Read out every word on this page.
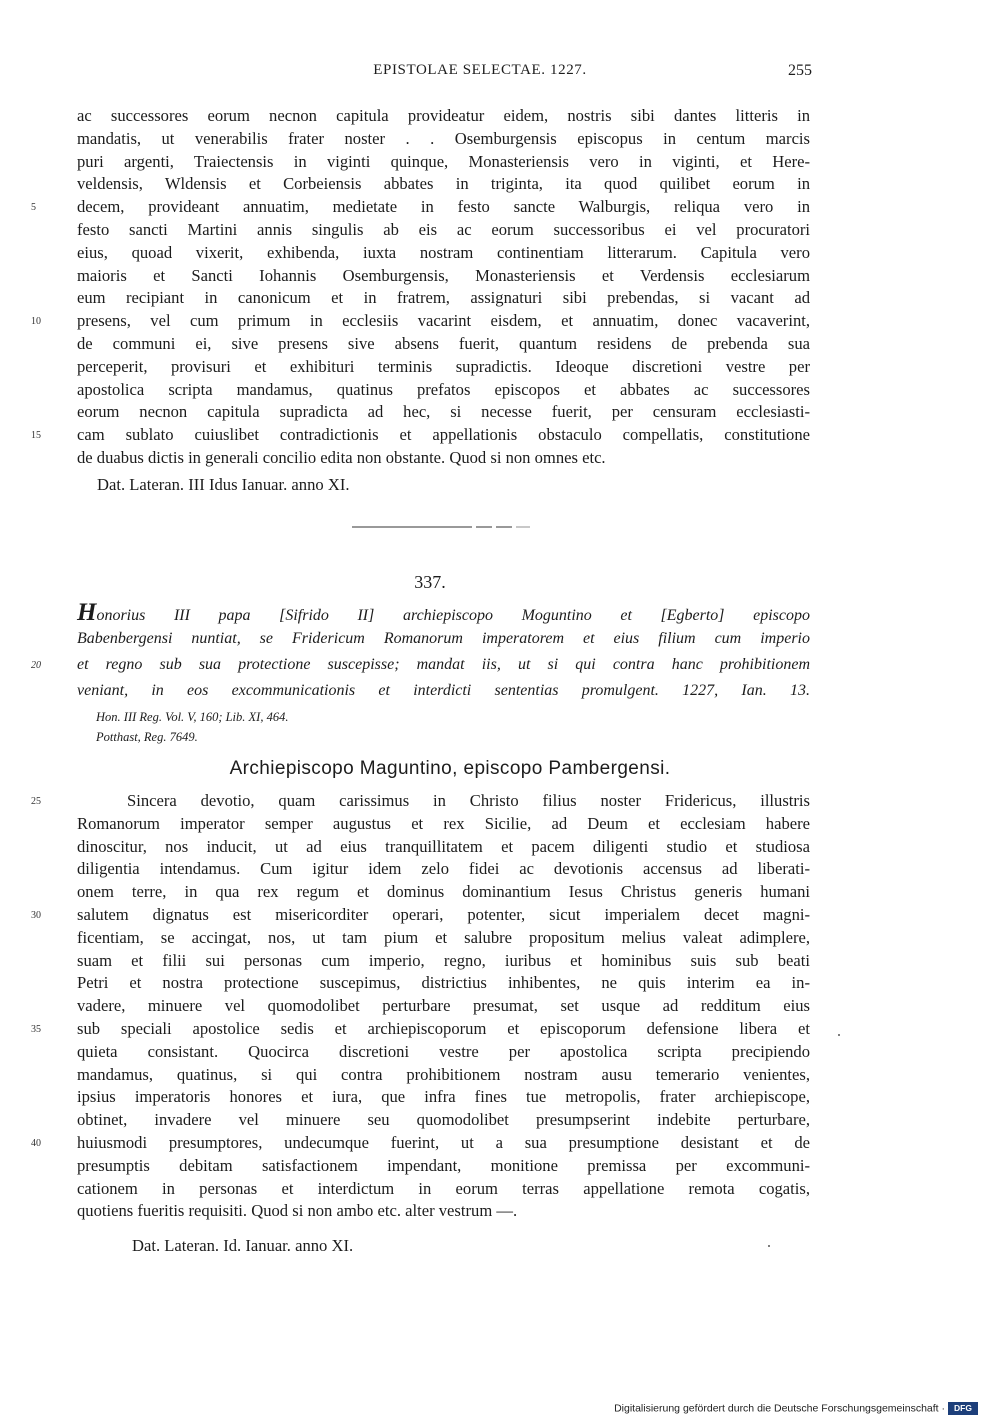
EPISTOLAE SELECTAE. 1227.	255
ac successores eorum necnon capitula provideatur eidem, nostris sibi dantes litteris in
mandatis, ut venerabilis frater noster . . Osemburgensis episcopus in centum marcis
puri argenti, Traiectensis in viginti quinque, Monasteriensis vero in viginti, et Here-
veldensis, Wldensis et Corbeiensis abbates in triginta, ita quod quilibet eorum in
5	decem, provideant annuatim, medietate in festo sancte Walburgis, reliqua vero in
festo sancti Martini annis singulis ab eis ac eorum successoribus ei vel procuratori
eius, quoad vixerit, exhibenda, iuxta nostram continentiam litterarum. Capitula vero
maioris et Sancti Iohannis Osemburgensis, Monasteriensis et Verdensis ecclesiarum
eum recipiant in canonicum et in fratrem, assignaturi sibi prebendas, si vacant ad
10	presens, vel cum primum in ecclesiis vacarint eisdem, et annuatim, donec vacaverint,
de communi ei, sive presens sive absens fuerit, quantum residens de prebenda sua
perceperit, provisuri et exhibituri terminis supradictis. Ideoque discretioni vestre per
apostolica scripta mandamus, quatinus prefatos episcopos et abbates ac successores
eorum necnon capitula supradicta ad hec, si necesse fuerit, per censuram ecclesiasti-
15	cam sublato cuiuslibet contradictionis et appellationis obstaculo compellatis, constitutione
de duabus dictis in generali concilio edita non obstante. Quod si non omnes etc.
Dat. Lateran. III Idus Ianuar. anno XI.
337.
Honorius III papa [Sifrido II] archiepiscopo Moguntino et [Egberto] episcopo
Babenbergensi nuntiat, se Fridericum Romanorum imperatorem et eius filium cum imperio
20	et regno sub sua protectione suscepisse; mandat iis, ut si qui contra hanc prohibitionem
veniant, in eos excommunicationis et interdicti sententias promulgent. 1227, Ian. 13.
Hon. III Reg. Vol. V, 160; Lib. XI, 464.
Potthast, Reg. 7649.
Archiepiscopo Maguntino, episcopo Pambergensi.
25	Sincera devotio, quam carissimus in Christo filius noster Fridericus, illustris
Romanorum imperator semper augustus et rex Sicilie, ad Deum et ecclesiam habere
dinoscitur, nos inducit, ut ad eius tranquillitatem et pacem diligenti studio et studiosa
diligentia intendamus. Cum igitur idem zelo fidei ac devotionis accensus ad liberati-
onem terre, in qua rex regum et dominus dominantium Iesus Christus generis humani
30	salutem dignatus est misericorditer operari, potenter, sicut imperialem decet magni-
ficentiam, se accingat, nos, ut tam pium et salubre propositum melius valeat adimplere,
suam et filii sui personas cum imperio, regno, iuribus et hominibus suis sub beati
Petri et nostra protectione suscepimus, districtius inhibentes, ne quis interim ea in-
vadere, minuere vel quomodolibet perturbare presumat, set usque ad redditum eius
35	sub speciali apostolice sedis et archiepiscoporum et episcoporum defensione libera et
quieta consistant. Quocirca discretioni vestre per apostolica scripta precipiendo
mandamus, quatinus, si qui contra prohibitionem nostram ausu temerario venientes,
ipsius imperatoris honores et iura, que infra fines tue metropolis, frater archiepiscope,
obtinet, invadere vel minuere seu quomodolibet presumpserint indebite perturbare,
40	huiusmodi presumptores, undecumque fuerint, ut a sua presumptione desistant et de
presumptis debitam satisfactionem impendant, monitione premissa per excommuni-
cationem in personas et interdictum in eorum terras appellatione remota cogatis,
quotiens fueritis requisiti. Quod si non ambo etc. alter vestrum —.
Dat. Lateran. Id. Ianuar. anno XI.
Digitalisierung gefördert durch die Deutsche Forschungsgemeinschaft · DFG
